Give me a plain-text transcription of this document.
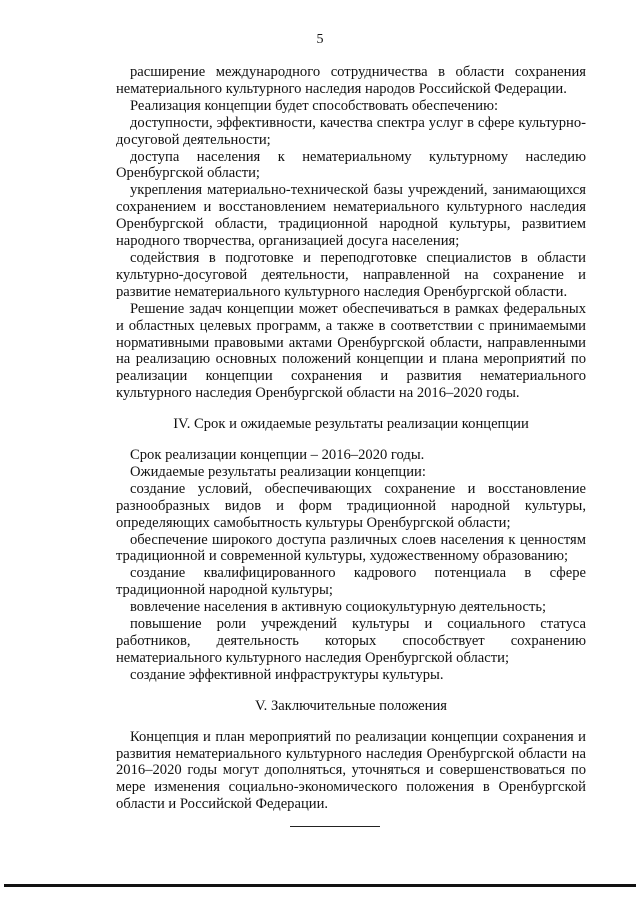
5

расширение международного сотрудничества в области сохранения нематериального культурного наследия народов Российской Федерации.

Реализация концепции будет способствовать обеспечению:

доступности, эффективности, качества спектра услуг в сфере культурно-досуговой деятельности;

доступа населения к нематериальному культурному наследию Оренбургской области;

укрепления материально-технической базы учреждений, занимающихся сохранением и восстановлением нематериального культурного наследия Оренбургской области, традиционной народной культуры, развитием народного творчества, организацией досуга населения;

содействия в подготовке и переподготовке специалистов в области культурно-досуговой деятельности, направленной на сохранение и развитие нематериального культурного наследия Оренбургской области.

Решение задач концепции может обеспечиваться в рамках федеральных и областных целевых программ, а также в соответствии с принимаемыми нормативными правовыми актами Оренбургской области, направленными на реализацию основных положений концепции и плана мероприятий по реализации концепции сохранения и развития нематериального культурного наследия Оренбургской области на 2016–2020 годы.

IV. Срок и ожидаемые результаты реализации концепции

Срок реализации концепции – 2016–2020 годы.

Ожидаемые результаты реализации концепции:

создание условий, обеспечивающих сохранение и восстановление разнообразных видов и форм традиционной народной культуры, определяющих самобытность культуры Оренбургской области;

обеспечение широкого доступа различных слоев населения к ценностям традиционной и современной культуры, художественному образованию;

создание квалифицированного кадрового потенциала в сфере традиционной народной культуры;

вовлечение населения в активную социокультурную деятельность;

повышение роли учреждений культуры и социального статуса работников, деятельность которых способствует сохранению нематериального культурного наследия Оренбургской области;

создание эффективной инфраструктуры культуры.

V. Заключительные положения

Концепция и план мероприятий по реализации концепции сохранения и развития нематериального культурного наследия Оренбургской области на 2016–2020 годы могут дополняться, уточняться и совершенствоваться по мере изменения социально-экономического положения в Оренбургской области и Российской Федерации.
